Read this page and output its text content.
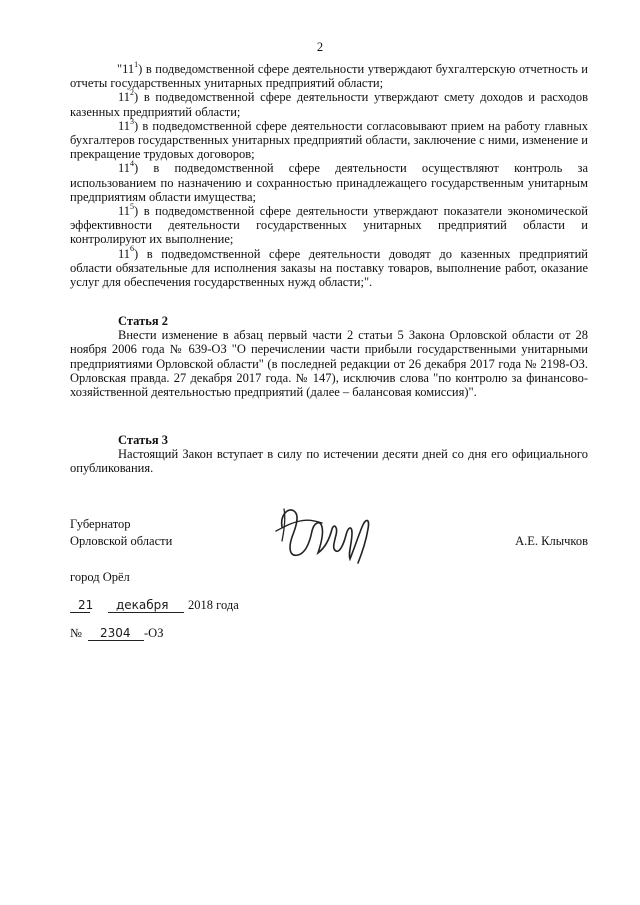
2

"$11^1$) в подведомственной сфере деятельности утверждают бухгалтерскую отчетность и отчеты государственных унитарных предприятий области;

$11^2$) в подведомственной сфере деятельности утверждают смету доходов и расходов казенных предприятий области;

$11^3$) в подведомственной сфере деятельности согласовывают прием на работу главных бухгалтеров государственных унитарных предприятий области, заключение с ними, изменение и прекращение трудовых договоров;

$11^4$) в подведомственной сфере деятельности осуществляют контроль за использованием по назначению и сохранностью принадлежащего государственным унитарным предприятиям области имущества;

$11^5$) в подведомственной сфере деятельности утверждают показатели экономической эффективности деятельности государственных унитарных предприятий области и контролируют их выполнение;

$11^6$) в подведомственной сфере деятельности доводят до казенных предприятий области обязательные для исполнения заказы на поставку товаров, выполнение работ, оказание услуг для обеспечения государственных нужд области;".

Статья 2

Внести изменение в абзац первый части 2 статьи 5 Закона Орловской области от 28 ноября 2006 года № 639-ОЗ "О перечислении части прибыли государственными унитарными предприятиями Орловской области" (в последней редакции от 26 декабря 2017 года № 2198-ОЗ. Орловская правда. 27 декабря 2017 года. № 147), исключив слова "по контролю за финансово-хозяйственной деятельностью предприятий (далее – балансовая комиссия)".

Статья 3

Настоящий Закон вступает в силу по истечении десяти дней со дня его официального опубликования.

Губернатор
Орловской области	А.Е. Клычков
город Орёл
21 декабря 2018 года
№ 2304 -ОЗ
